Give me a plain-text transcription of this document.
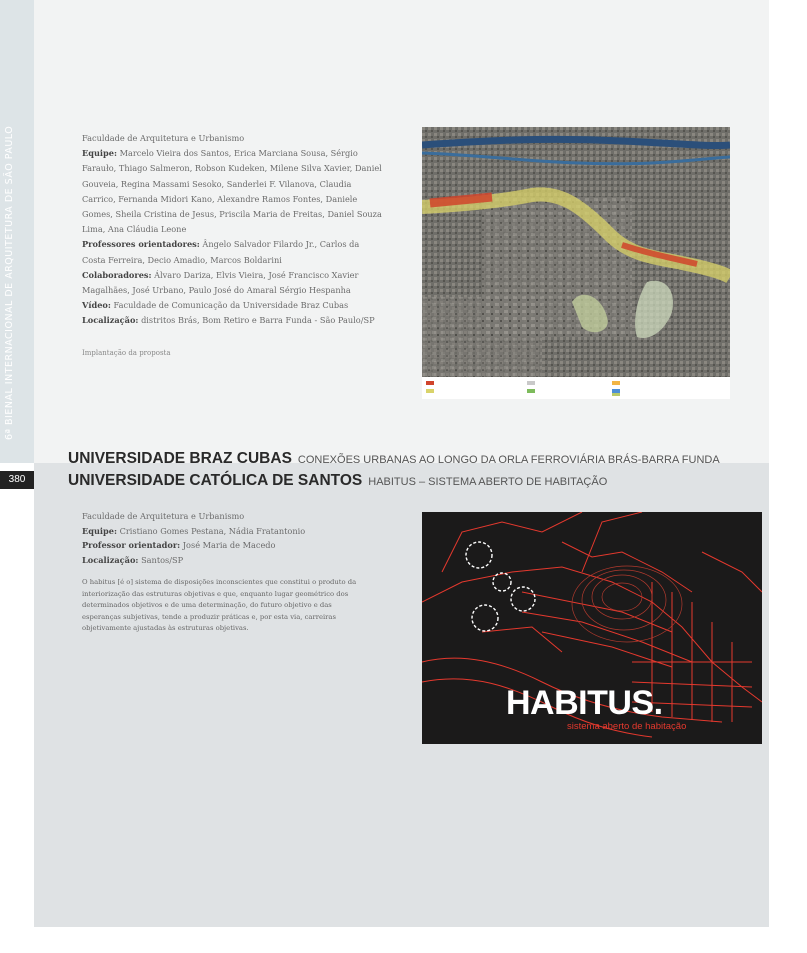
6ª BIENAL INTERNACIONAL DE ARQUITETURA DE SÃO PAULO
380
Faculdade de Arquitetura e Urbanismo
Equipe: Marcelo Vieira dos Santos, Erica Marciana Sousa, Sérgio Farauło, Thiago Salmeron, Robson Kudeken, Milene Silva Xavier, Daniel Gouveia, Regina Massami Sesoko, Sanderlei F. Vilanova, Claudia Carrico, Fernanda Midori Kano, Alexandre Ramos Fontes, Daniele Gomes, Sheila Cristina de Jesus, Priscila Maria de Freitas, Daniel Souza Lima, Ana Cláudia Leone
Professores orientadores: Ângelo Salvador Filardo Jr., Carlos da Costa Ferreira, Decio Amadio, Marcos Boldarini
Colaboradores: Álvaro Dariza, Elvis Vieira, José Francisco Xavier Magalhães, José Urbano, Paulo José do Amaral Sérgio Hespanha
Vídeo: Faculdade de Comunicação da Universidade Braz Cubas
Localização: distritos Brás, Bom Retiro e Barra Funda - São Paulo/SP
Implantação da proposta
UNIVERSIDADE BRAZ CUBAS CONEXÕES URBANAS AO LONGO DA ORLA FERROVIÁRIA BRÁS-BARRA FUNDA
UNIVERSIDADE CATÓLICA DE SANTOS HABITUS – SISTEMA ABERTO DE HABITAÇÃO
Faculdade de Arquitetura e Urbanismo
Equipe: Cristiano Gomes Pestana, Nádia Fratantonio
Professor orientador: José Maria de Macedo
Localização: Santos/SP
O habitus [é o] sistema de disposições inconscientes que constitui o produto da interiorização das estruturas objetivas e que, enquanto lugar geométrico dos determinados objetivos e de uma determinação, do futuro objetivo e das esperanças subjetivas, tende a produzir práticas e, por esta via, carreiras objetivamente ajustadas às estruturas objetivas.
HABITUS.
sistema aberto de habitação
